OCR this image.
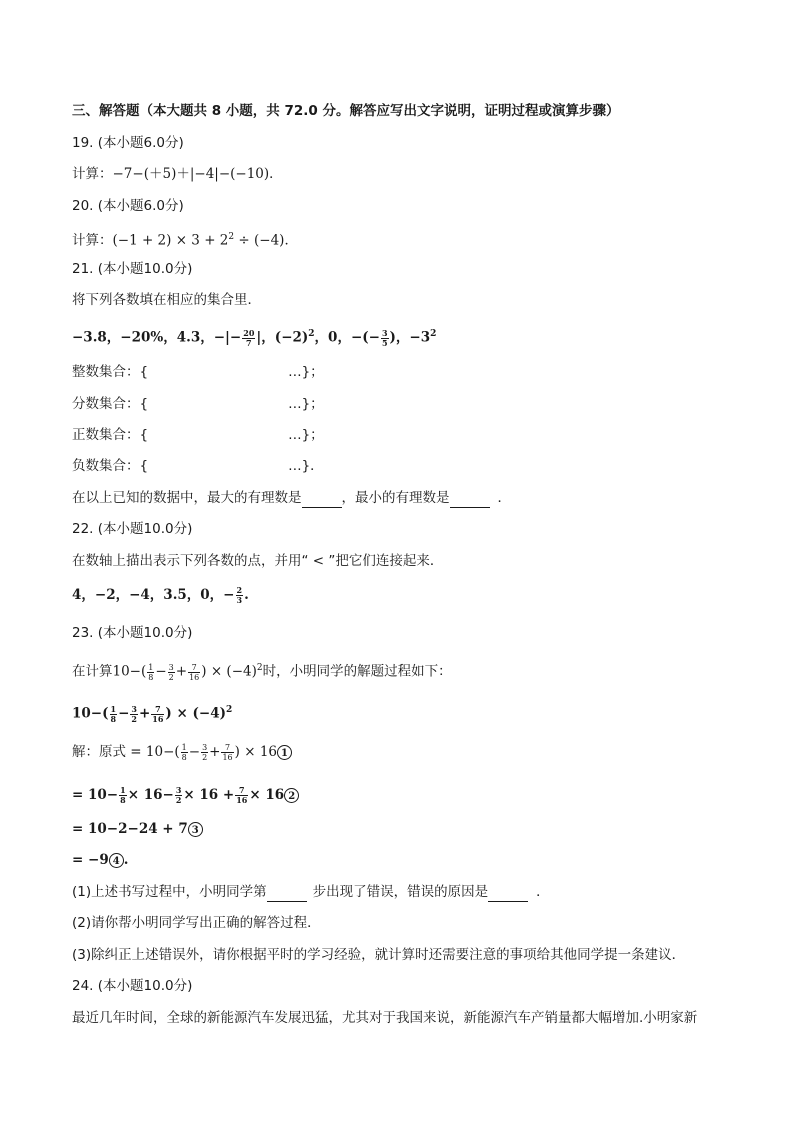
三、解答题（本大题共 8 小题，共 72.0 分。解答应写出文字说明，证明过程或演算步骤）
19. (本小题6.0分)
计算：−7−(＋5)＋|−4|−(−10)．
20. (本小题6.0分)
计算：$(-1 + 2) \times 3 + 2^2 \div (-4)$．
21. (本小题10.0分)
将下列各数填在相应的集合里．
−3.8，−20%，4.3，−|− $\frac{20}{7}$ |，$(-2)^2$，0，−(− $\frac{3}{5}$ )，$-3^2$
整数集合：{	…}；
分数集合：{	…}；
正数集合：{	…}；
负数集合：{	…}．
在以上已知的数据中，最大的有理数是	，最小的有理数是	．
22. (本小题10.0分)
在数轴上描出表示下列各数的点，并用“ < ”把它们连接起来．
4，−2，−4，3.5，0，− $\frac{2}{3}$ .
23. (本小题10.0分)
在计算$10-( \frac{1}{8} - \frac{3}{2} + \frac{7}{16}$ ) × $(-4)^2$时，小明同学的解题过程如下：
$10-( \frac{1}{8} - \frac{3}{2} + \frac{7}{16}$ ) × $(-4)^2$
解：原式 = $10-( \frac{1}{8} - \frac{3}{2} + \frac{7}{16}$ ) × 16 1
= $10- \frac{1}{8} \times 16- \frac{3}{2} \times 16 + \frac{7}{16} \times 16$ 2
= 10−2−24 + 7 3
= −9 4 .
(1)上述书写过程中，小明同学第	步出现了错误，错误的原因是	．
(2)请你帮小明同学写出正确的解答过程．
(3)除纠正上述错误外，请你根据平时的学习经验，就计算时还需要注意的事项给其他同学提一条建议．
24. (本小题10.0分)
最近几年时间，全球的新能源汽车发展迅猛，尤其对于我国来说，新能源汽车产销量都大幅增加.小明家新
